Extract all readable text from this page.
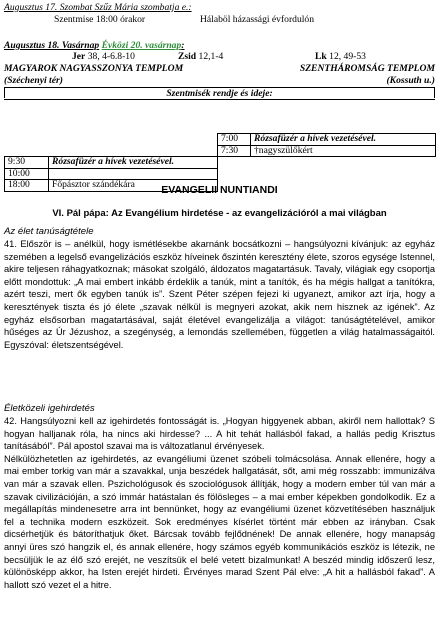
Augusztus 17. Szombat Szűz Mária szombatja e.:
Szentmise 18:00 órakor	Hálaböl házassági évfordulón
Augusztus 18. Vasárnap Évközi 20. vasárnap:
Jer 38, 4-6.8-10	Zsid 12,1-4	Lk 12, 49-53
MAGYAROK NAGYASSZONYA TEMPLOM	SZENTHÁROMSÁG TEMPLOM
(Széchenyi tér)	(Kossuth u.)
Szentmisék rendje és ideje:
		7:00	Rózsafüzér a hívek vezetésével.
		7:30	†nagyszülőkért
9:30	Rózsafüzér a hívek vezetésével.		
10:00			
18:00	Főpásztor szándékára			EVANGELII NUNTIANDI
VI. Pál pápa: Az Evangélium hirdetése - az evangelizációról a mai világban

Az élet tanúságtétele

41. Először is – anélkül, hogy ismétlésekbe akarnánk bocsátkozni – hangsúlyozni kívánjuk: az egyház szemében a legelső evangelizációs eszköz híveinek őszintén keresztény élete, szoros egysége Istennel, akire teljesen ráhagyatkoznak; másokat szolgáló, áldozatos magatartásuk. Tavaly, világiak egy csoportja előtt mondottuk: „A mai embert inkább érdeklik a tanúk, mint a tanítók, és ha mégis hallgat a tanítókra, azért teszi, mert ők egyben tanúk is”. Szent Péter szépen fejezi ki ugyanezt, amikor azt írja, hogy a keresztények tiszta és jó élete „szavak nélkül is megnyeri azokat, akik nem hisznek az igének”. Az egyház elsősorban magatartásával, saját életével evangelizálja a világot: tanúságtételével, amikor hűséges az Úr Jézushoz, a szegénység, a lemondás szellemében, független a világ hatalmasságaitól. Egyszóval: életszentségével.

Életközeli igehirdetés

42. Hangsúlyozni kell az igehirdetés fontosságát is. „Hogyan higgyenek abban, akiről nem hallottak? S hogyan halljanak róla, ha nincs aki hirdesse? ... A hit tehát hallásból fakad, a hallás pedig Krisztus tanításából”. Pál apostol szavai ma is változatlanul érvényesek.

Nélkülözhetetlen az igehirdetés, az evangéliumi üzenet szóbeli tolmácsolása. Annak ellenére, hogy a mai ember torkig van már a szavakkal, unja beszédek hallgatását, sőt, ami még rosszabb: immunizálva van már a szavak ellen. Pszichológusok és szociológusok állítják, hogy a modern ember túl van már a szavak civilizációján, a szó immár hatástalan és fölösleges – a mai ember képekben gondolkodik. Ez a megállapítás mindenesetre arra int bennünket, hogy az evangéliumi üzenet közvetítésében használjuk fel a technika modern eszközeit. Sok eredményes kísérlet történt már ebben az irányban. Csak dicsérhetjük és bátoríthatjuk őket. Bárcsak tovább fejlődnének! De annak ellenére, hogy manapság annyi üres szó hangzik el, és annak ellenére, hogy számos egyéb kommunikációs eszköz is létezik, ne becsüljük le az élő szó erejét, ne veszítsük el belé vetett bizalmunkat! A beszéd mindig időszerű lesz, különösképp akkor, ha Isten erejét hirdeti. Érvényes marad Szent Pál elve: „A hit a hallásból fakad”. A hallott szó vezet el a hitre.
